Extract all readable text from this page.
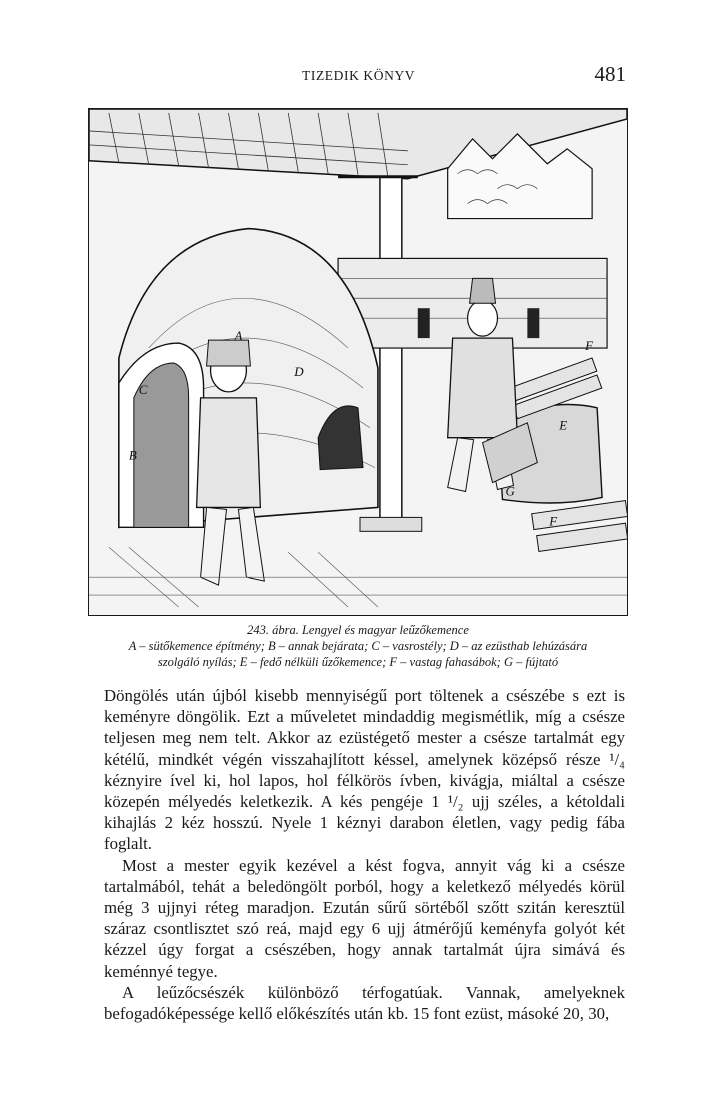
TIZEDIK KÖNYV	481
A
B
C
D
E
F
F
G
243. ábra. Lengyel és magyar leűzőkemence
A – sütőkemence építmény; B – annak bejárata; C – vasrostély; D – az ezüsthab lehúzására
szolgáló nyílás; E – fedő nélküli űzőkemence; F – vastag fahasábok; G – fújtató

Döngölés után újból kisebb mennyiségű port töltenek a csészébe s ezt is keményre döngölik. Ezt a műveletet mindaddig megismétlik, míg a csésze teljesen meg nem telt. Akkor az ezüstégető mester a csésze tartalmát egy kétélű, mindkét végén visszahajlított késsel, amelynek középső része ¹/₄ kéznyire ível ki, hol lapos, hol félkörös ívben, kivágja, miáltal a csésze közepén mélyedés keletkezik. A kés pengéje 1 ¹/₂ ujj széles, a kétoldali kihajlás 2 kéz hosszú. Nyele 1 kéznyi darabon életlen, vagy pedig fába foglalt.

Most a mester egyik kezével a kést fogva, annyit vág ki a csésze tartalmából, tehát a beledöngölt porból, hogy a keletkező mélyedés körül még 3 ujjnyi réteg maradjon. Ezután sűrű sörtéből szőtt szitán keresztül száraz csontlisztet szó reá, majd egy 6 ujj átmérőjű keményfa golyót két kézzel úgy forgat a csészében, hogy annak tartalmát újra simává és keménnyé tegye.

A leűzőcsészék különböző térfogatúak. Vannak, amelyeknek befogadóképessége kellő előkészítés után kb. 15 font ezüst, másoké 20, 30,
